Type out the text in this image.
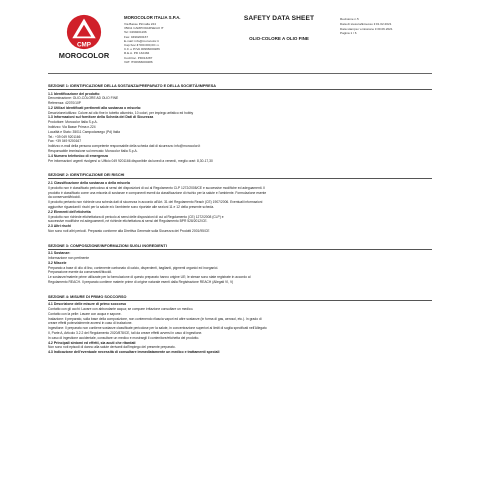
CMP
MOROCOLOR
MOROCOLOR ITALIA S.P.A.
Via Basse Pirmalla 224
35011 CAMPODARSEGO IT
Tel: 0499201166
Fax: 0499200167
E-mail: info@morocolor.it
Cap.Soc.€ 500.000,00 i.v.
C.F. e P.IVA 00966000286
R.E.A. PD 132484
Cod.Doc. PD013287
VAT: IT00966000286
SAFETY DATA SHEET
OLIO-COLORE A OLIO FINE
Revisione n.5
Data di stesura/Emesso il:01.02.2021
Data stampa / emissione il:30.06.2021
Pagina 1 / 6
SEZIONE 1: IDENTIFICAZIONE DELLA SOSTANZA/PREPARATO E DELLA SOCIETÀ/IMPRESA
1.1 Identificazione del prodotto
Denominazione: OLIO-COLORE AD OLIO FINE
Referenza: 42070/10P
1.2 Utilizzi identificati pertinenti alla sostanza o miscela:
Descrizione/utilizzo: Colore ad olio fine in tubetto alluminio, 10 colori, per impiego artistico ed hobby
1.3 Informazioni sul fornitore della Scheda dei Dati di Sicurezza
Produttore: Morocolor Italia S.p.A.
Indirizzo: Via Basse Prima n.224
Località e Stato: 35011 Campodarsego (Pd) Italia
Tel.: +39 049 9201166
Fax: +39 049 9200167
Indirizzo e-mail della persona competente responsabile della scheda dati di sicurezza: info@morocolor.it
Responsabile immissione sul mercato: Morocolor Italia S.p.A.
1.4 Numero telefonico di emergenza
Per informazioni urgenti rivolgersi a: Ufficio 049 9201166 disponibile da lunedì a venerdì, meglio orari: 8,30-17,30
SEZIONE 2: IDENTIFICAZIONE DEI RISCHI
2.1 Classificazione della sostanza o della miscela
Il prodotto non è classificato pericoloso ai sensi dei disposizioni di cui al Regolamento CLP 1272/2008/CE e successive modifiche ed adeguamenti. Il
prodotto è classificato come una miscela di sostanze e componenti esenti da classificazione di rischio per la salute e l'ambiente. Formulazione esente
da conservanti/biocidi.
Il prodotto pertanto non richiede una scheda dati di sicurezza in accordo all'Art. 31 del Regolamento Reach (CE) 1907/2006. Eventuali informazioni
aggiuntive riguardanti i rischi per la salute e/o l'ambiente sono riportate alle sezioni 11 e 12 della presente scheda.
2.2 Elementi dell'etichetta
Il prodotto non richiede etichettatura di pericolo ai sensi delle disposizioni di cui al Regolamento (CE) 1272/2008 (CLP) e
successive modifiche ed adeguamenti, né richiede etichettatura ai sensi del Regolamento BPR 528/2012/CE.
2.3 Altri rischi
Non sono noti altri pericoli. Preparato conforme alla Direttiva Generale sulla Sicurezza dei Prodotti 2001/95/CE
SEZIONE 3: COMPOSIZIONE/INFORMAZIONI SUGLI INGREDIENTI
3.1 Sostanze:
Informazione non pertinente
3.2 Miscele
Preparato a base di olio di lino, contenente carbonato di calcio, disperdenti, baglianti, pigmenti organici ed inorganici.
Preparazione esente da conservanti/biocidi.
Le sostanze/materie prime utilizzate per la formulazione di questo preparato hanno origine UE; le stesse sono state registrate in accordo al
Regolamento REACH. Il preparato contiene materie prime di origine naturale esenti dalla Registrazione REACH (Allegati VI, V)
SEZIONE 4: MISURE DI PRIMO SOCCORSO
4.1 Descrizione delle misure di primo soccorso
Contatto con gli occhi: Lavare con abbondante acqua; se compare irritazione consultare un medico.
Contatto con la pelle: Lavare con acqua e sapone.
Inalazione: il preparato, sulla base della composizione, non contenendo rilascia vapori ed altre sostanze (in forma di gas, aerosol, etc.). In grado di
creare effetti potenzialmente avversi in caso di inalazione.
Ingestione: Il preparato non contiene sostanze classificate pericolose per la salute, in concentrazione superiori ai limiti di soglia specificati nell'Allegato
II, Parte A, Articolo 3.2.2 del Regolamento 2020/878/CE, tali da creare effetti avversi in caso di ingestione.
In caso di ingestione accidentale, consultare un medico e mostrargli il contenitore/etichetta del prodotto.
4.2 Principali sintomi ed effetti, sia acuti che ritardati
Non sono noti episodi di danno alla salute derivanti dall'impiego del presente preparato.
4.3 Indicazione dell'eventuale necessità di consultare immediatamente un medico e trattamenti speciali
